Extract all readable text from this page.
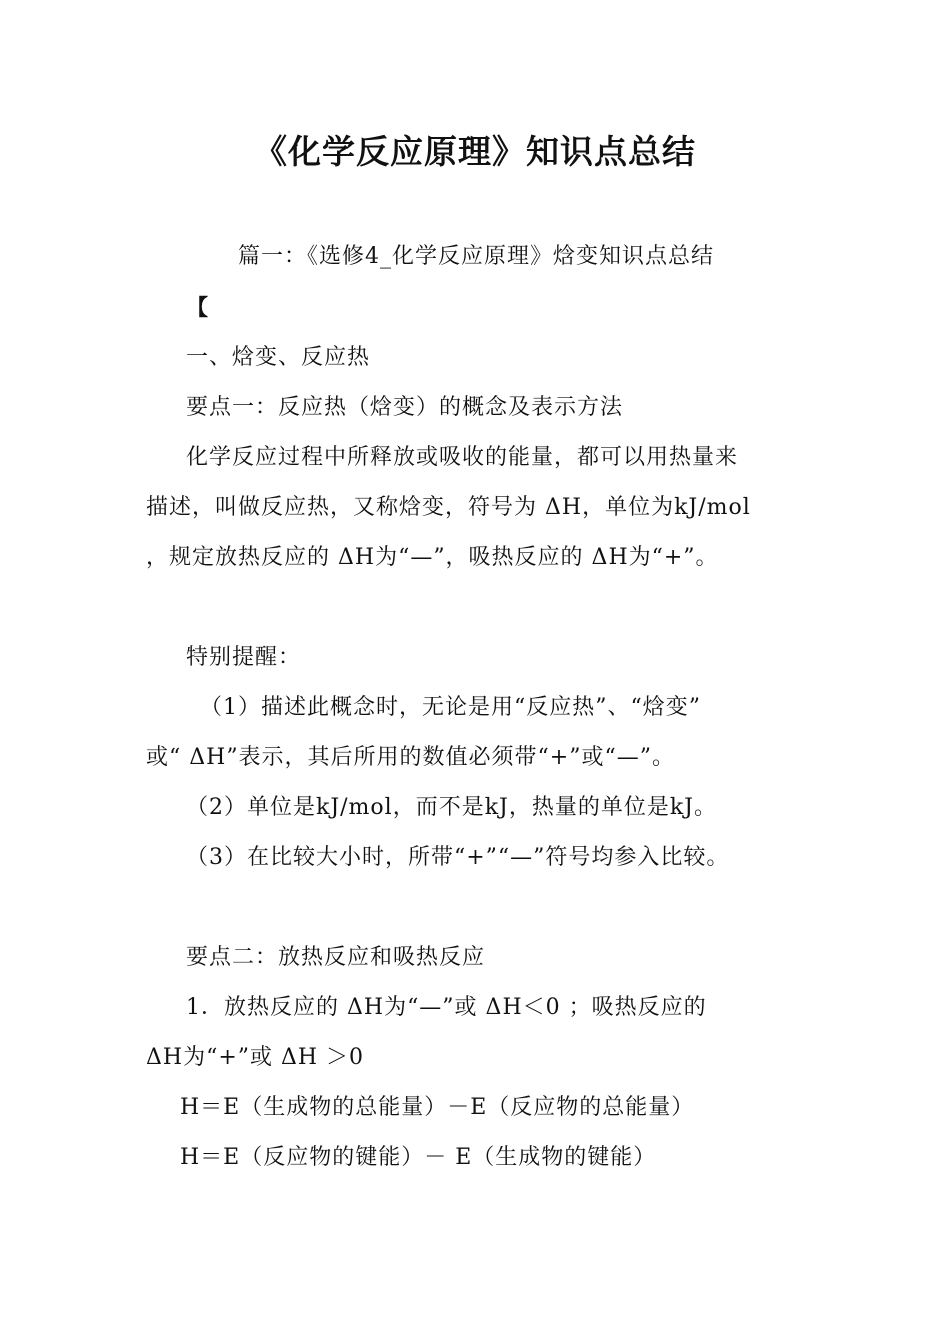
《化学反应原理》知识点总结
篇一：《选修4_化学反应原理》焓变知识点总结
【
一、焓变、反应热
要点一：反应热（焓变）的概念及表示方法
化学反应过程中所释放或吸收的能量，都可以用热量来
描述，叫做反应热，又称焓变，符号为 ΔH，单位为kJ/mol
，规定放热反应的 ΔH为“—”，吸热反应的 ΔH为“+”。
特别提醒：
（1）描述此概念时，无论是用“反应热”、“焓变”
或“ ΔH”表示，其后所用的数值必须带“+”或“—”。
（2）单位是kJ/mol，而不是kJ，热量的单位是kJ。
（3）在比较大小时，所带“+”“—”符号均参入比较。
要点二：放热反应和吸热反应
1．放热反应的 ΔH为“—”或 ΔH＜0 ；吸热反应的
ΔH为“+”或 ΔH ＞0
H＝E（生成物的总能量）－E（反应物的总能量）
H＝E（反应物的键能）－ E（生成物的键能）
